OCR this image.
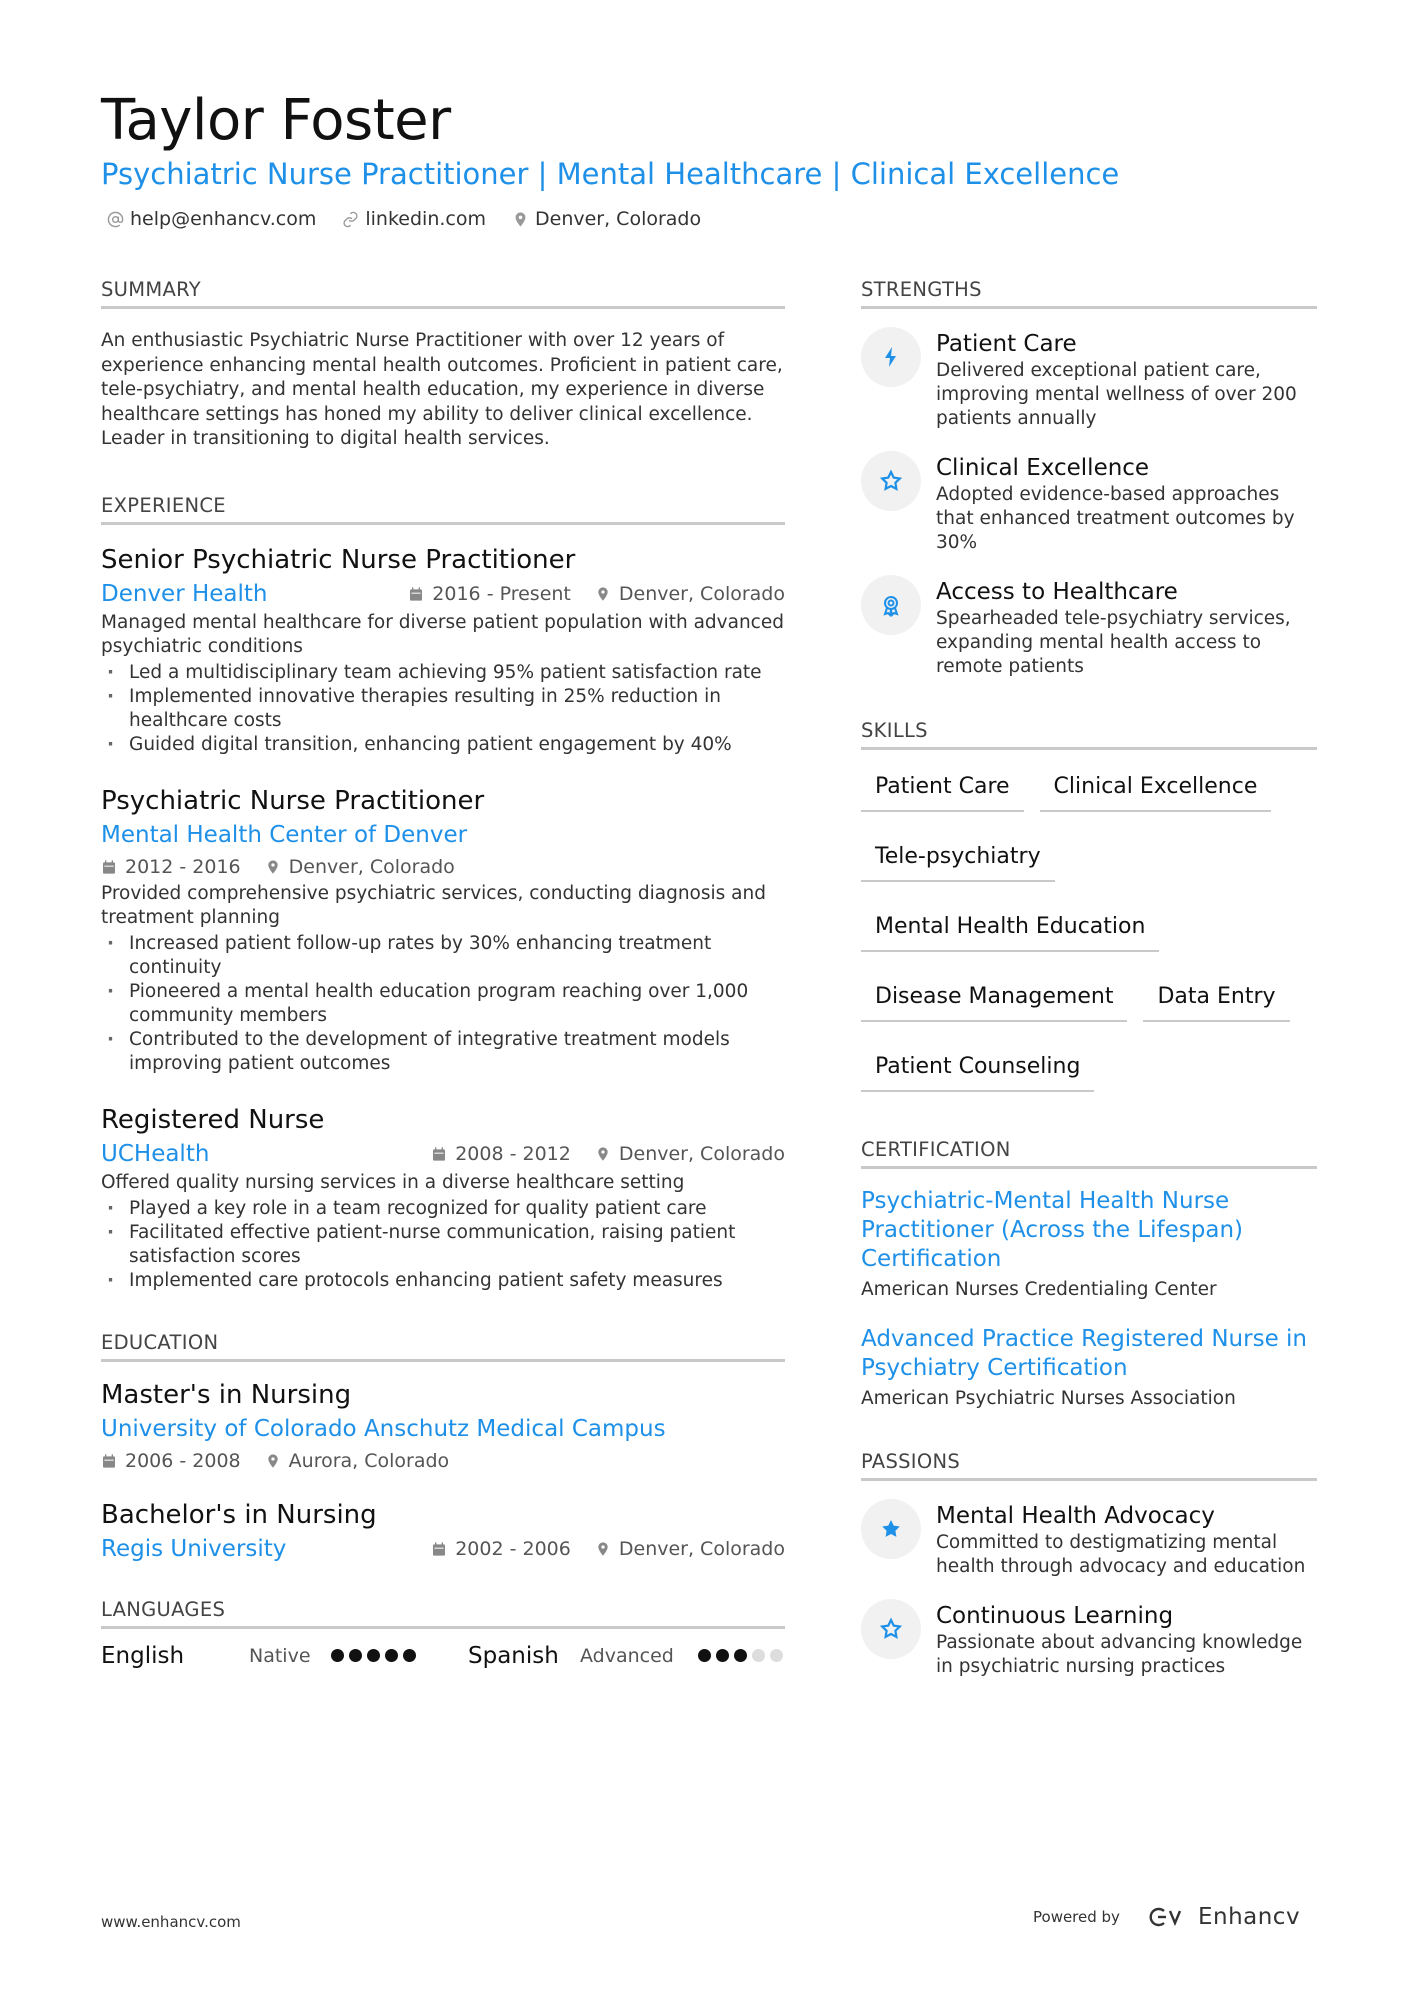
Taylor Foster
Psychiatric Nurse Practitioner | Mental Healthcare | Clinical Excellence
help@enhancv.com	linkedin.com	Denver, Colorado
SUMMARY
An enthusiastic Psychiatric Nurse Practitioner with over 12 years of experience enhancing mental health outcomes. Proficient in patient care, tele-psychiatry, and mental health education, my experience in diverse healthcare settings has honed my ability to deliver clinical excellence. Leader in transitioning to digital health services.
EXPERIENCE
Senior Psychiatric Nurse Practitioner
Denver Health	2016 - Present	Denver, Colorado
Managed mental healthcare for diverse patient population with advanced psychiatric conditions
· Led a multidisciplinary team achieving 95% patient satisfaction rate
· Implemented innovative therapies resulting in 25% reduction in healthcare costs
· Guided digital transition, enhancing patient engagement by 40%
Psychiatric Nurse Practitioner
Mental Health Center of Denver
2012 - 2016	Denver, Colorado
Provided comprehensive psychiatric services, conducting diagnosis and treatment planning
· Increased patient follow-up rates by 30% enhancing treatment continuity
· Pioneered a mental health education program reaching over 1,000 community members
· Contributed to the development of integrative treatment models improving patient outcomes
Registered Nurse
UCHealth	2008 - 2012	Denver, Colorado
Offered quality nursing services in a diverse healthcare setting
· Played a key role in a team recognized for quality patient care
· Facilitated effective patient-nurse communication, raising patient satisfaction scores
· Implemented care protocols enhancing patient safety measures
EDUCATION
Master's in Nursing
University of Colorado Anschutz Medical Campus
2006 - 2008	Aurora, Colorado
Bachelor's in Nursing
Regis University	2002 - 2006	Denver, Colorado
LANGUAGES
English	Native	Spanish	Advanced
STRENGTHS
Patient Care
Delivered exceptional patient care, improving mental wellness of over 200 patients annually
Clinical Excellence
Adopted evidence-based approaches that enhanced treatment outcomes by 30%
Access to Healthcare
Spearheaded tele-psychiatry services, expanding mental health access to remote patients
SKILLS
Patient Care	Clinical Excellence
Tele-psychiatry
Mental Health Education
Disease Management	Data Entry
Patient Counseling
CERTIFICATION
Psychiatric-Mental Health Nurse Practitioner (Across the Lifespan) Certification
American Nurses Credentialing Center
Advanced Practice Registered Nurse in Psychiatry Certification
American Psychiatric Nurses Association
PASSIONS
Mental Health Advocacy
Committed to destigmatizing mental health through advocacy and education
Continuous Learning
Passionate about advancing knowledge in psychiatric nursing practices
www.enhancv.com	Powered by	Enhancv
